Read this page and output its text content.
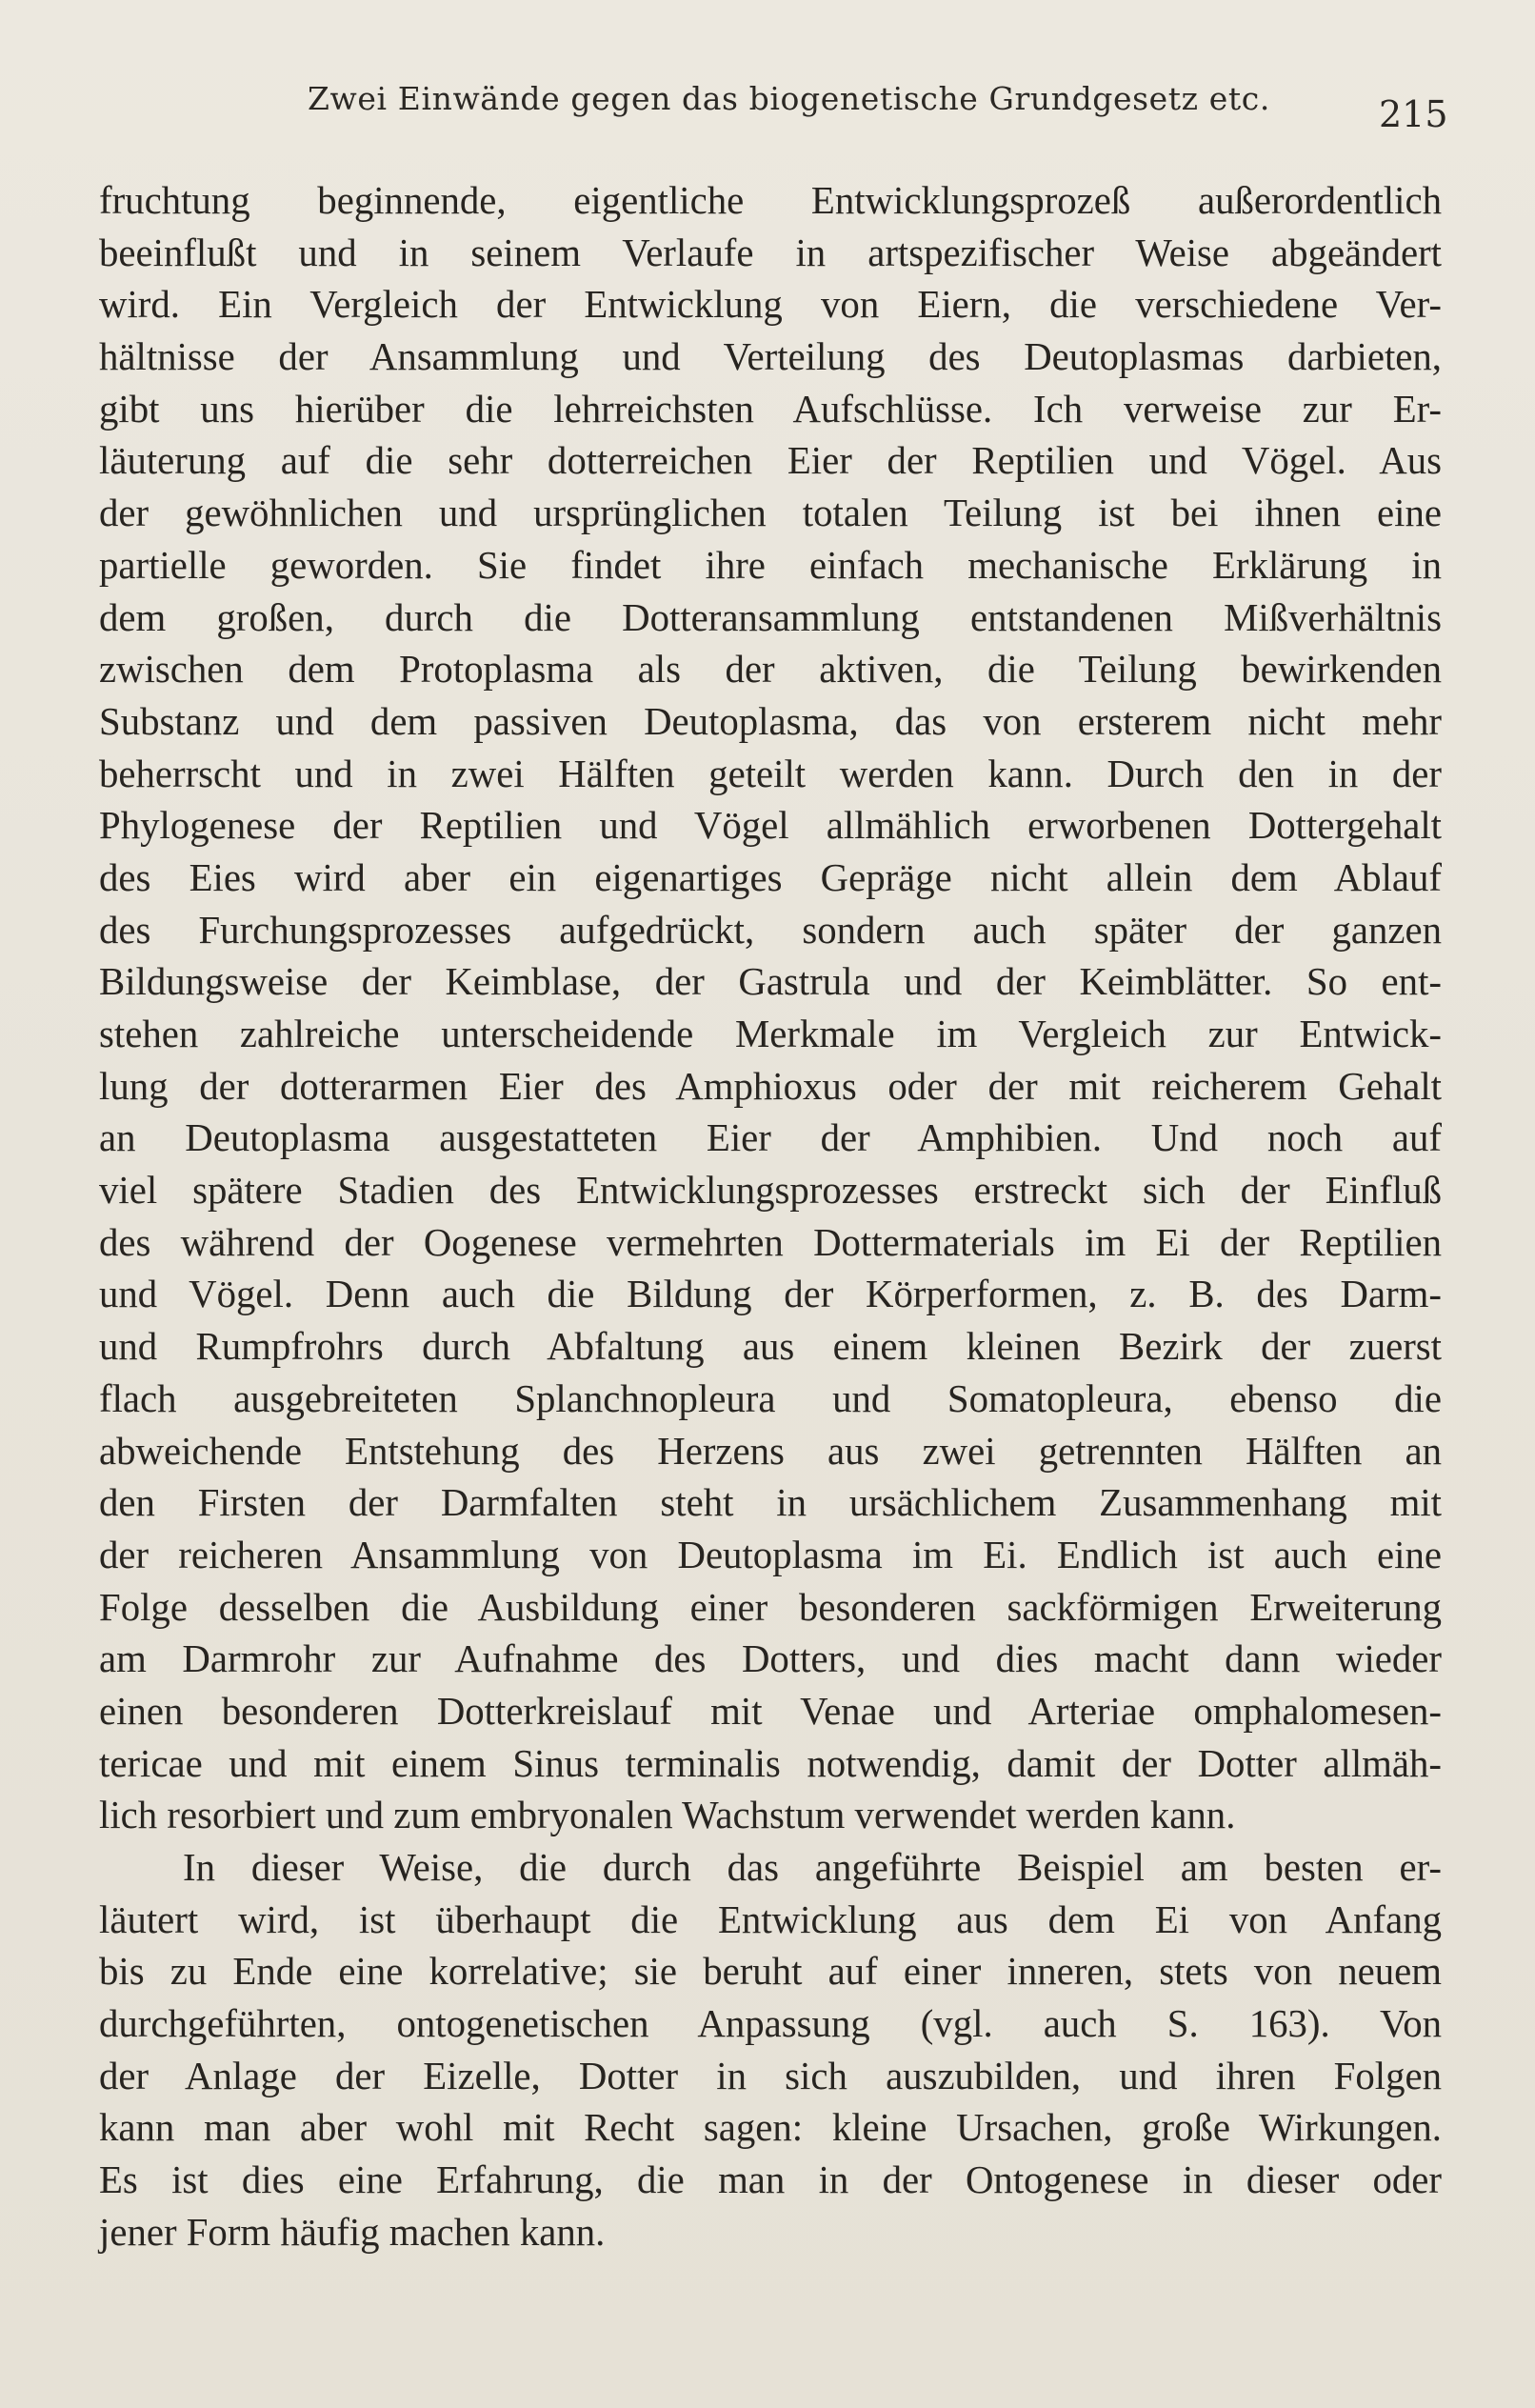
Zwei Einwände gegen das biogenetische Grundgesetz etc.	215
fruchtung beginnende, eigentliche Entwicklungsprozeß außerordentlich
beeinflußt und in seinem Verlaufe in artspezifischer Weise abgeändert
wird. Ein Vergleich der Entwicklung von Eiern, die verschiedene Ver-
hältnisse der Ansammlung und Verteilung des Deutoplasmas darbieten,
gibt uns hierüber die lehrreichsten Aufschlüsse. Ich verweise zur Er-
läuterung auf die sehr dotterreichen Eier der Reptilien und Vögel. Aus
der gewöhnlichen und ursprünglichen totalen Teilung ist bei ihnen eine
partielle geworden. Sie findet ihre einfach mechanische Erklärung in
dem großen, durch die Dotteransammlung entstandenen Mißverhältnis
zwischen dem Protoplasma als der aktiven, die Teilung bewirkenden
Substanz und dem passiven Deutoplasma, das von ersterem nicht mehr
beherrscht und in zwei Hälften geteilt werden kann. Durch den in der
Phylogenese der Reptilien und Vögel allmählich erworbenen Dottergehalt
des Eies wird aber ein eigenartiges Gepräge nicht allein dem Ablauf
des Furchungsprozesses aufgedrückt, sondern auch später der ganzen
Bildungsweise der Keimblase, der Gastrula und der Keimblätter. So ent-
stehen zahlreiche unterscheidende Merkmale im Vergleich zur Entwick-
lung der dotterarmen Eier des Amphioxus oder der mit reicherem Gehalt
an Deutoplasma ausgestatteten Eier der Amphibien. Und noch auf
viel spätere Stadien des Entwicklungsprozesses erstreckt sich der Einfluß
des während der Oogenese vermehrten Dottermaterials im Ei der Reptilien
und Vögel. Denn auch die Bildung der Körperformen, z. B. des Darm-
und Rumpfrohrs durch Abfaltung aus einem kleinen Bezirk der zuerst
flach ausgebreiteten Splanchnopleura und Somatopleura, ebenso die
abweichende Entstehung des Herzens aus zwei getrennten Hälften an
den Firsten der Darmfalten steht in ursächlichem Zusammenhang mit
der reicheren Ansammlung von Deutoplasma im Ei. Endlich ist auch eine
Folge desselben die Ausbildung einer besonderen sackförmigen Erweiterung
am Darmrohr zur Aufnahme des Dotters, und dies macht dann wieder
einen besonderen Dotterkreislauf mit Venae und Arteriae omphalomesen-
tericae und mit einem Sinus terminalis notwendig, damit der Dotter allmäh-
lich resorbiert und zum embryonalen Wachstum verwendet werden kann.
In dieser Weise, die durch das angeführte Beispiel am besten er-
läutert wird, ist überhaupt die Entwicklung aus dem Ei von Anfang
bis zu Ende eine korrelative; sie beruht auf einer inneren, stets von neuem
durchgeführten, ontogenetischen Anpassung (vgl. auch S. 163). Von
der Anlage der Eizelle, Dotter in sich auszubilden, und ihren Folgen
kann man aber wohl mit Recht sagen: kleine Ursachen, große Wirkungen.
Es ist dies eine Erfahrung, die man in der Ontogenese in dieser oder
jener Form häufig machen kann.
